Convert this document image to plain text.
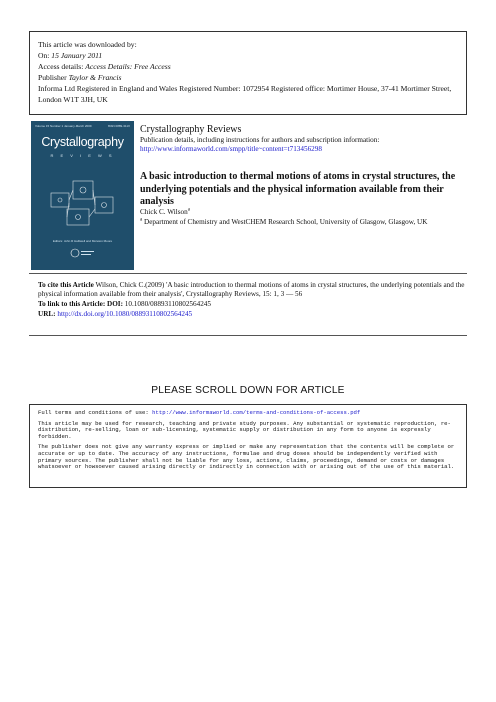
This article was downloaded by:
On: 15 January 2011
Access details: Access Details: Free Access
Publisher Taylor & Francis
Informa Ltd Registered in England and Wales Registered Number: 1072954 Registered office: Mortimer House, 37-41 Mortimer Street, London W1T 3JH, UK
Volume 15 Number 1 January-March 2009	ISSN 0889-311X
Crystallography
R E V I E W S
Editors: John R Helliwell and Moreton Moore
Crystallography Reviews
Publication details, including instructions for authors and subscription information:
http://www.informaworld.com/smpp/title~content=t713456298
A basic introduction to thermal motions of atoms in crystal structures, the underlying potentials and the physical information available from their analysis
Chick C. Wilson$^a$
$^a$ Department of Chemistry and WestCHEM Research School, University of Glasgow, Glasgow, UK
To cite this Article Wilson, Chick C.(2009) 'A basic introduction to thermal motions of atoms in crystal structures, the underlying potentials and the physical information available from their analysis', Crystallography Reviews, 15: 1, 3 — 56
To link to this Article: DOI: 10.1080/08893110802564245
URL: http://dx.doi.org/10.1080/08893110802564245
PLEASE SCROLL DOWN FOR ARTICLE

Full terms and conditions of use: http://www.informaworld.com/terms-and-conditions-of-access.pdf

This article may be used for research, teaching and private study purposes. Any substantial or systematic reproduction, re-distribution, re-selling, loan or sub-licensing, systematic supply or distribution in any form to anyone is expressly forbidden.

The publisher does not give any warranty express or implied or make any representation that the contents will be complete or accurate or up to date. The accuracy of any instructions, formulae and drug doses should be independently verified with primary sources. The publisher shall not be liable for any loss, actions, claims, proceedings, demand or costs or damages whatsoever or howsoever caused arising directly or indirectly in connection with or arising out of the use of this material.
